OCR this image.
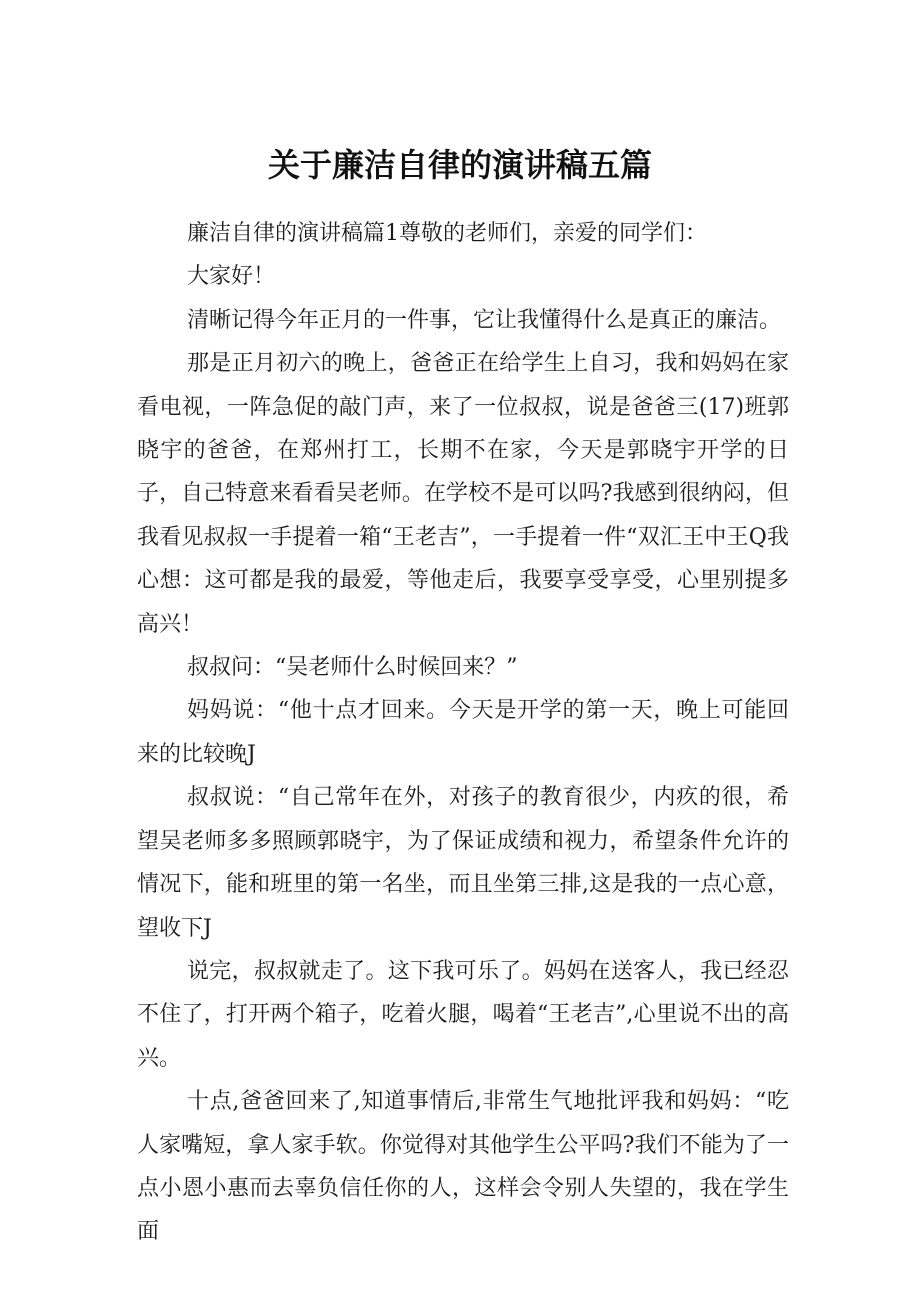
关于廉洁自律的演讲稿五篇

廉洁自律的演讲稿篇1尊敬的老师们，亲爱的同学们：

大家好！

清晰记得今年正月的一件事，它让我懂得什么是真正的廉洁。

那是正月初六的晚上，爸爸正在给学生上自习，我和妈妈在家看电视，一阵急促的敲门声，来了一位叔叔，说是爸爸三(17)班郭晓宇的爸爸，在郑州打工，长期不在家，今天是郭晓宇开学的日子，自己特意来看看吴老师。在学校不是可以吗?我感到很纳闷，但我看见叔叔一手提着一箱“王老吉”，一手提着一件“双汇王中王Q我心想：这可都是我的最爱，等他走后，我要享受享受，心里别提多高兴！

叔叔问：“吴老师什么时候回来？”

妈妈说：“他十点才回来。今天是开学的第一天，晚上可能回来的比较晚J

叔叔说：“自己常年在外，对孩子的教育很少，内疚的很，希望吴老师多多照顾郭晓宇，为了保证成绩和视力，希望条件允许的情况下，能和班里的第一名坐，而且坐第三排,这是我的一点心意，望收下J

说完，叔叔就走了。这下我可乐了。妈妈在送客人，我已经忍不住了，打开两个箱子，吃着火腿，喝着“王老吉”,心里说不出的高兴。

十点,爸爸回来了,知道事情后,非常生气地批评我和妈妈：“吃人家嘴短，拿人家手软。你觉得对其他学生公平吗?我们不能为了一点小恩小惠而去辜负信任你的人，这样会令别人失望的，我在学生面
